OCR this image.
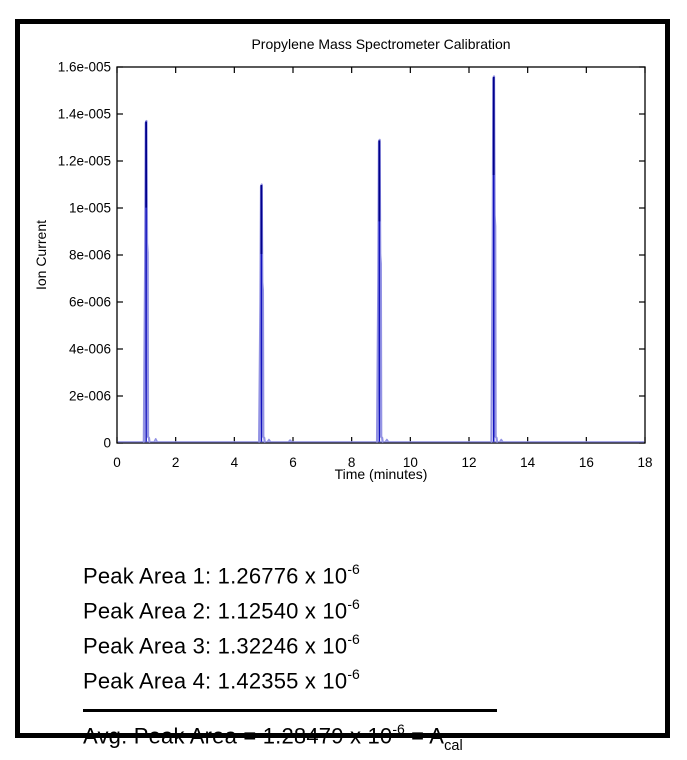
0	2	4	6	8	10	12	14	16	18
0
2e-006
4e-006
6e-006
8e-006
1e-005
1.2e-005
1.4e-005
1.6e-005
Propylene Mass Spectrometer Calibration
Time (minutes)
Ion Current
Peak Area 1: 1.26776 x $10^{-6}$
Peak Area 2: 1.12540 x $10^{-6}$
Peak Area 3: 1.32246 x $10^{-6}$
Peak Area 4: 1.42355 x $10^{-6}$
Avg. Peak Area = 1.28479 x $10^{-6} = A_{cal}$
